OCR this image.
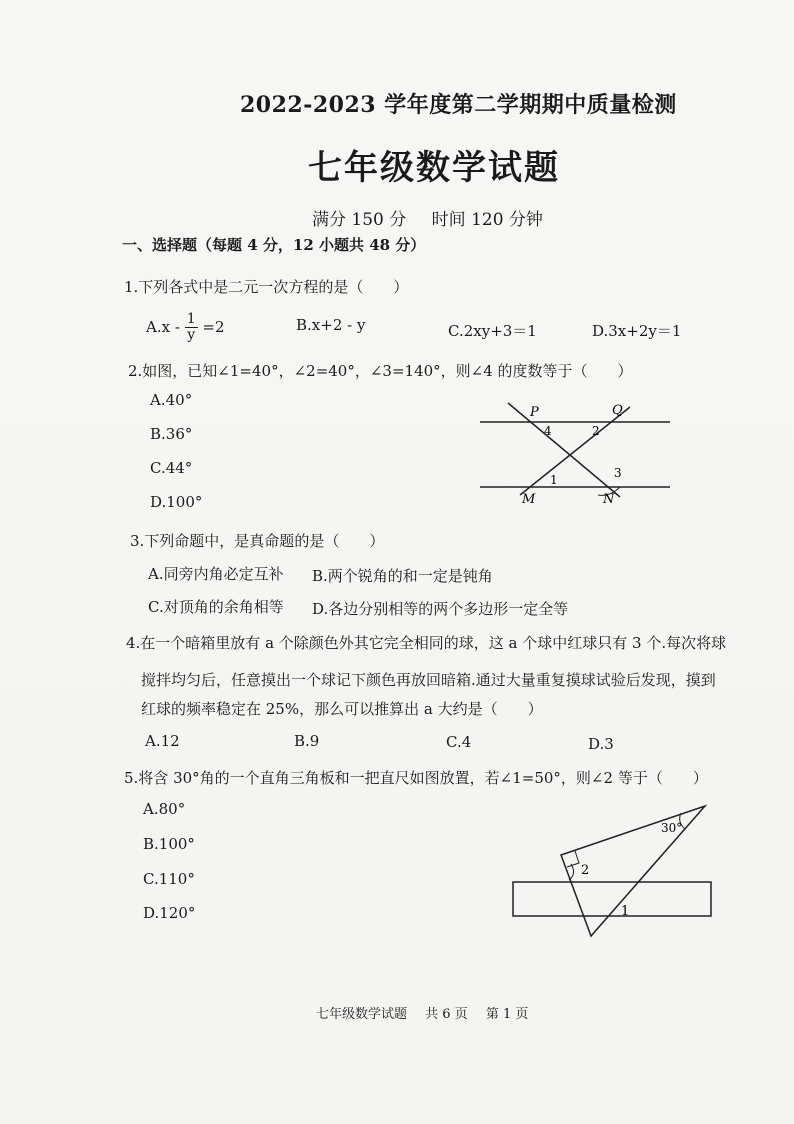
2022-2023 学年度第二学期期中质量检测
七年级数学试题
满分 150 分 时间 120 分钟
一、选择题（每题 4 分，12 小题共 48 分）
1.下列各式中是二元一次方程的是（　　）
$A.x - \frac{1}{y} =2$	B.x+2 - y	C.2xy+3＝1	D.3x+2y＝1
2.如图，已知∠1=40°，∠2=40°，∠3=140°，则∠4 的度数等于（　　）
A.40°
B.36°
C.44°
D.100°
P	Q
4	2
1	3
M	N
3.下列命题中，是真命题的是（　　）
A.同旁内角必定互补 B.两个锐角的和一定是钝角
C.对顶角的余角相等 D.各边分别相等的两个多边形一定全等
4.在一个暗箱里放有 a 个除颜色外其它完全相同的球，这 a 个球中红球只有 3 个.每次将球
搅拌均匀后，任意摸出一个球记下颜色再放回暗箱.通过大量重复摸球试验后发现，摸到
红球的频率稳定在 25%，那么可以推算出 a 大约是（　　）
A.12	B.9	C.4	D.3
5.将含 30°角的一个直角三角板和一把直尺如图放置，若∠1=50°，则∠2 等于（　　）
A.80°
B.100°
C.110°
D.120°
30°
2
1
七年级数学试题 共 6 页 第 1 页
